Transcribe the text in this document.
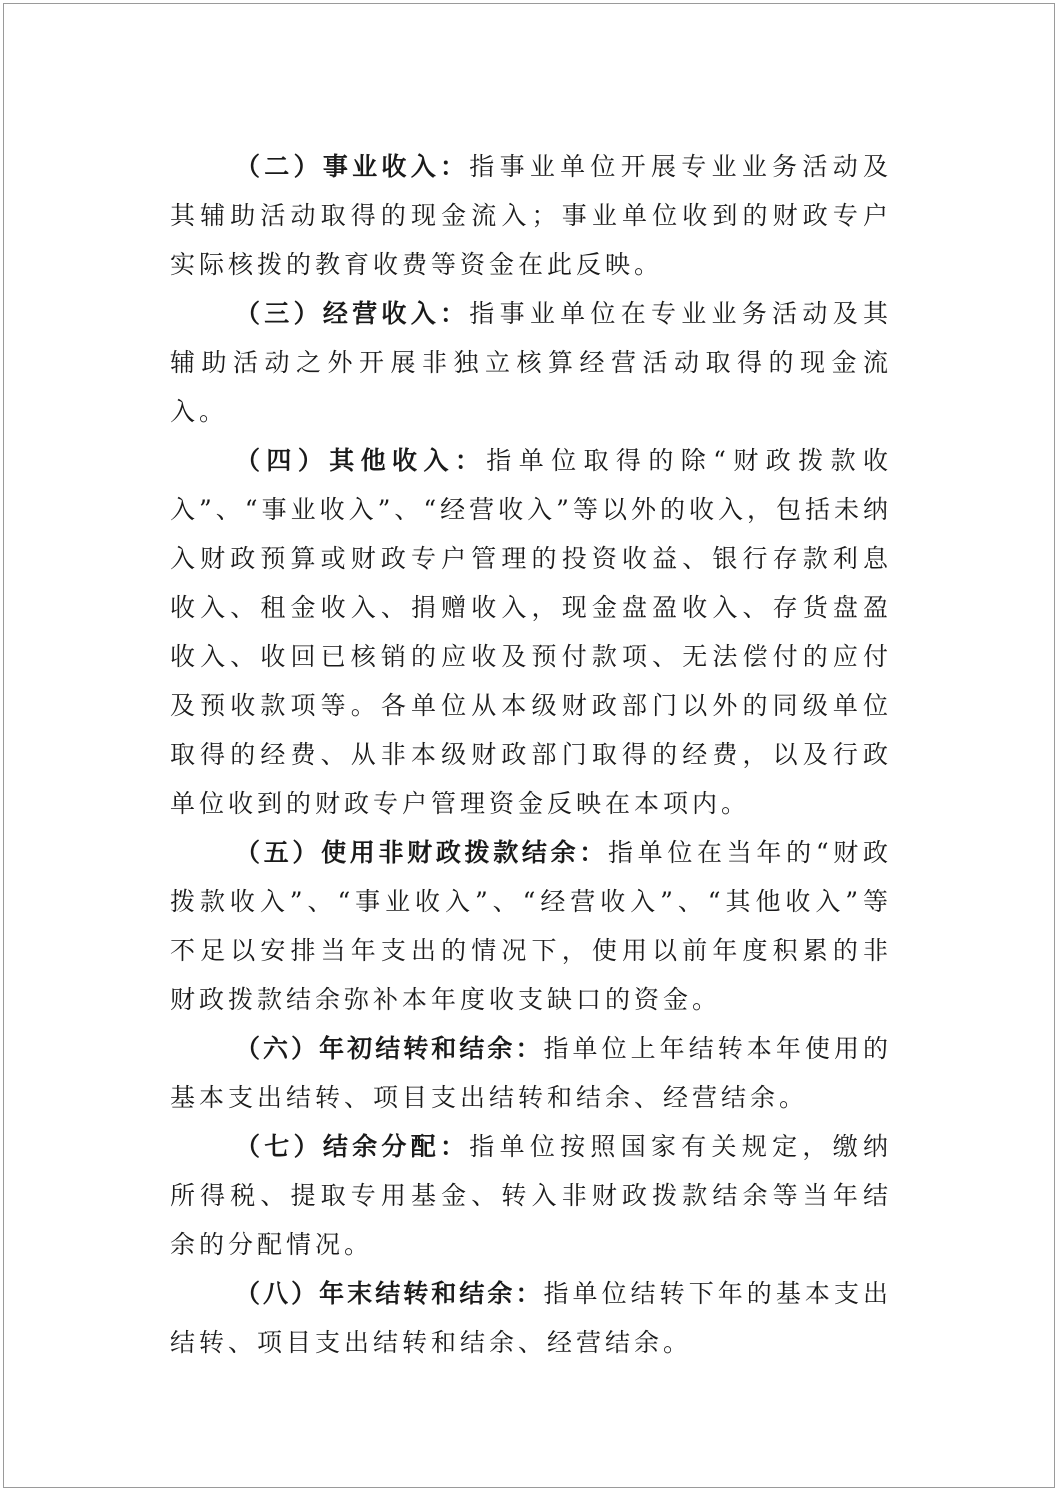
（二）事业收入：指事业单位开展专业业务活动及其辅助活动取得的现金流入；事业单位收到的财政专户实际核拨的教育收费等资金在此反映。

（三）经营收入：指事业单位在专业业务活动及其辅助活动之外开展非独立核算经营活动取得的现金流入。

（四）其他收入：指单位取得的除“财政拨款收入”、“事业收入”、“经营收入”等以外的收入，包括未纳入财政预算或财政专户管理的投资收益、银行存款利息收入、租金收入、捐赠收入，现金盘盈收入、存货盘盈收入、收回已核销的应收及预付款项、无法偿付的应付及预收款项等。各单位从本级财政部门以外的同级单位取得的经费、从非本级财政部门取得的经费，以及行政单位收到的财政专户管理资金反映在本项内。

（五）使用非财政拨款结余：指单位在当年的“财政拨款收入”、“事业收入”、“经营收入”、“其他收入”等不足以安排当年支出的情况下，使用以前年度积累的非财政拨款结余弥补本年度收支缺口的资金。

（六）年初结转和结余：指单位上年结转本年使用的基本支出结转、项目支出结转和结余、经营结余。

（七）结余分配：指单位按照国家有关规定，缴纳所得税、提取专用基金、转入非财政拨款结余等当年结余的分配情况。

（八）年末结转和结余：指单位结转下年的基本支出结转、项目支出结转和结余、经营结余。
